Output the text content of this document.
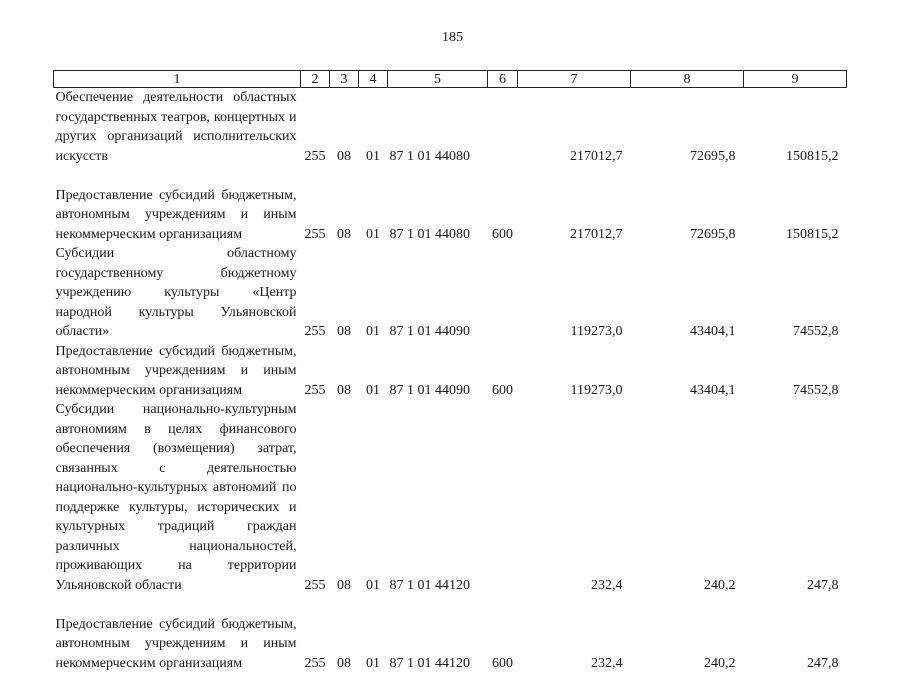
185
1	2	3	4	5	6	7	8	9
Обеспечение деятельности областных государственных театров, концертных и других организаций исполнительских искусств	255	08	01	87 1 01 44080		217012,7	72695,8	150815,2
Предоставление субсидий бюджетным, автономным учреждениям и иным некоммерческим организациям	255	08	01	87 1 01 44080	600	217012,7	72695,8	150815,2
Субсидии областному государственному бюджетному учреждению культуры «Центр народной культуры Ульяновской области»	255	08	01	87 1 01 44090		119273,0	43404,1	74552,8
Предоставление субсидий бюджетным, автономным учреждениям и иным некоммерческим организациям	255	08	01	87 1 01 44090	600	119273,0	43404,1	74552,8
Субсидии национально-культурным автономиям в целях финансового обеспечения (возмещения) затрат, связанных с деятельностью национально-культурных автономий по поддержке культуры, исторических и культурных традиций граждан различных национальностей, проживающих на территории Ульяновской области	255	08	01	87 1 01 44120		232,4	240,2	247,8
Предоставление субсидий бюджетным, автономным учреждениям и иным некоммерческим организациям	255	08	01	87 1 01 44120	600	232,4	240,2	247,8
